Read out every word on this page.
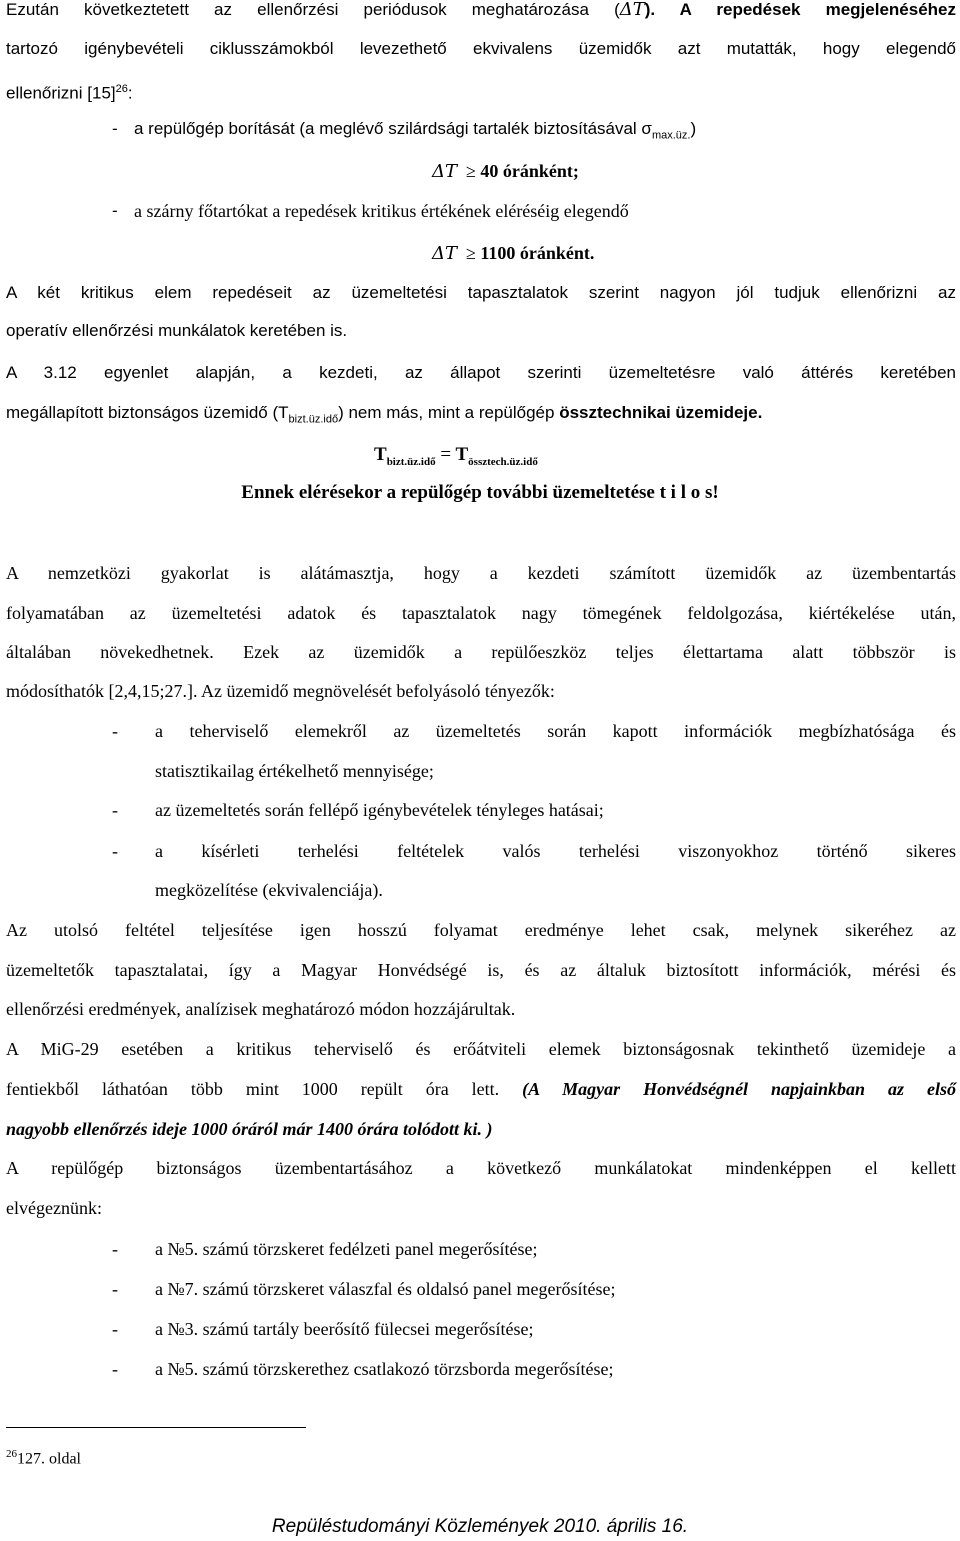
Ezután következtetett az ellenőrzési periódusok meghatározása (ΔT). A repedések megjelenéséhez
tartozó igénybevételi ciklusszámokból levezethető ekvivalens üzemidők azt mutatták, hogy elegendő
ellenőrizni $[15]^{26}$:
- a repülőgép borítását (a meglévő szilárdsági tartalék biztosításával $\sigma_{max.üz.}$)
ΔT ≥ 40 óránként;
- a szárny főtartókat a repedések kritikus értékének eléréséig elegendő
ΔT ≥ 1100 óránként.
A két kritikus elem repedéseit az üzemeltetési tapasztalatok szerint nagyon jól tudjuk ellenőrizni az
operatív ellenőrzési munkálatok keretében is.
A 3.12 egyenlet alapján, a kezdeti, az állapot szerinti üzemeltetésre való áttérés keretében
megállapított biztonságos üzemidő $(T_{bizt.üz.idő})$ nem más, mint a repülőgép össztechnikai üzemideje.
$T_{bizt.üz.idő} = T_{össztech.üz.idő}$
Ennek elérésekor a repülőgép további üzemeltetése t i l o s!
A nemzetközi gyakorlat is alátámasztja, hogy a kezdeti számított üzemidők az üzembentartás
folyamatában az üzemeltetési adatok és tapasztalatok nagy tömegének feldolgozása, kiértékelése után,
általában növekedhetnek. Ezek az üzemidők a repülőeszköz teljes élettartama alatt többször is
módosíthatók [2,4,15;27.]. Az üzemidő megnövelését befolyásoló tényezők:
- a teherviselő elemekről az üzemeltetés során kapott információk megbízhatósága és
statisztikailag értékelhető mennyisége;
- az üzemeltetés során fellépő igénybevételek tényleges hatásai;
- a kísérleti terhelési feltételek valós terhelési viszonyokhoz történő sikeres
megközelítése (ekvivalenciája).
Az utolsó feltétel teljesítése igen hosszú folyamat eredménye lehet csak, melynek sikeréhez az
üzemeltetők tapasztalatai, így a Magyar Honvédségé is, és az általuk biztosított információk, mérési és
ellenőrzési eredmények, analízisek meghatározó módon hozzájárultak.
A MiG-29 esetében a kritikus teherviselő és erőátviteli elemek biztonságosnak tekinthető üzemideje a
fentiekből láthatóan több mint 1000 repült óra lett. (A Magyar Honvédségnél napjainkban az első
nagyobb ellenőrzés ideje 1000 óráról már 1400 órára tolódott ki. )
A repülőgép biztonságos üzembentartásához a következő munkálatokat mindenképpen el kellett
elvégeznünk:
- a №5. számú törzskeret fedélzeti panel megerősítése;
- a №7. számú törzskeret válaszfal és oldalsó panel megerősítése;
- a №3. számú tartály beerősítő fülecsei megerősítése;
- a №5. számú törzskerethez csatlakozó törzsborda megerősítése;
$^{26}$127. oldal
Repüléstudományi Közlemények 2010. április 16.
